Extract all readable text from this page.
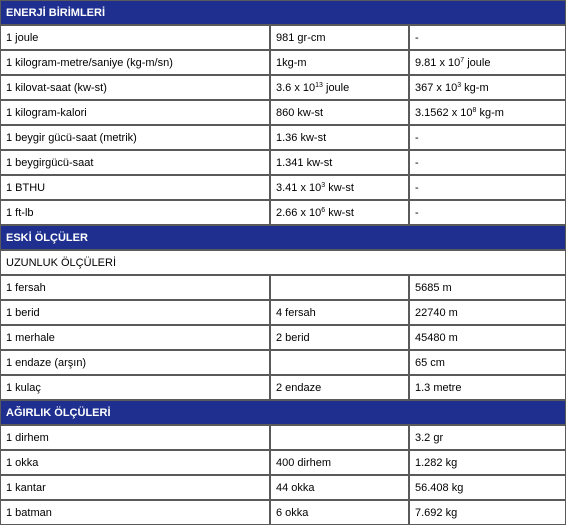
ENERJİ BİRİMLERİ		
1 joule	981 gr-cm	-
1 kilogram-metre/saniye (kg-m/sn)	1kg-m	9.81 x $10^7$ joule
1 kilovat-saat (kw-st)	3.6 x $10^{13}$ joule	367 x $10^3$ kg-m
1 kilogram-kalori	860 kw-st	3.1562 x $10^8$ kg-m
1 beygir gücü-saat (metrik)	1.36 kw-st	-
1 beygirgücü-saat	1.341 kw-st	-
1 BTHU	3.41 x $10^3$ kw-st	-
1 ft-lb	2.66 x $10^6$ kw-st	-
ESKİ ÖLÇÜLER		
UZUNLUK ÖLÇÜLERİ		
1 fersah		5685 m
1 berid	4 fersah	22740 m
1 merhale	2 berid	45480 m
1 endaze (arşın)		65 cm
1 kulaç	2 endaze	1.3 metre
AĞIRLIK ÖLÇÜLERİ		
1 dirhem		3.2 gr
1 okka	400 dirhem	1.282 kg
1 kantar	44 okka	56.408 kg
1 batman	6 okka	7.692 kg
